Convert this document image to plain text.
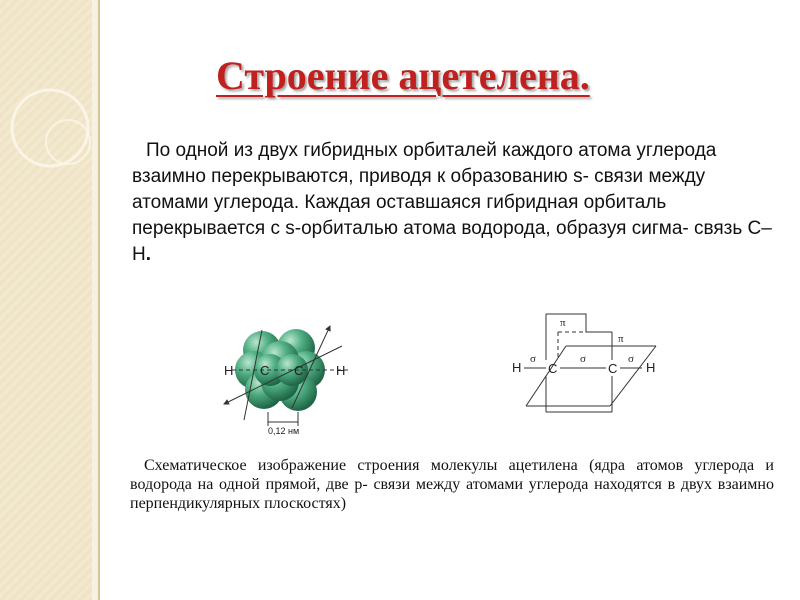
Строение ацетелена.

По одной из двух гибридных орбиталей каждого атома углерода взаимно перекрываются, приводя к образованию s- связи между атомами углерода. Каждая оставшаяся гибридная орбиталь перекрывается с s-орбиталью атома водорода, образуя сигма- связь С–Н.

H C C	H
0,12 нм
H C	C H
σ	σ	σ
π
π

Схематическое изображение строения молекулы ацетилена (ядра атомов углерода и водорода на одной прямой, две р- связи между атомами углерода находятся в двух взаимно перпендикулярных плоскостях)
